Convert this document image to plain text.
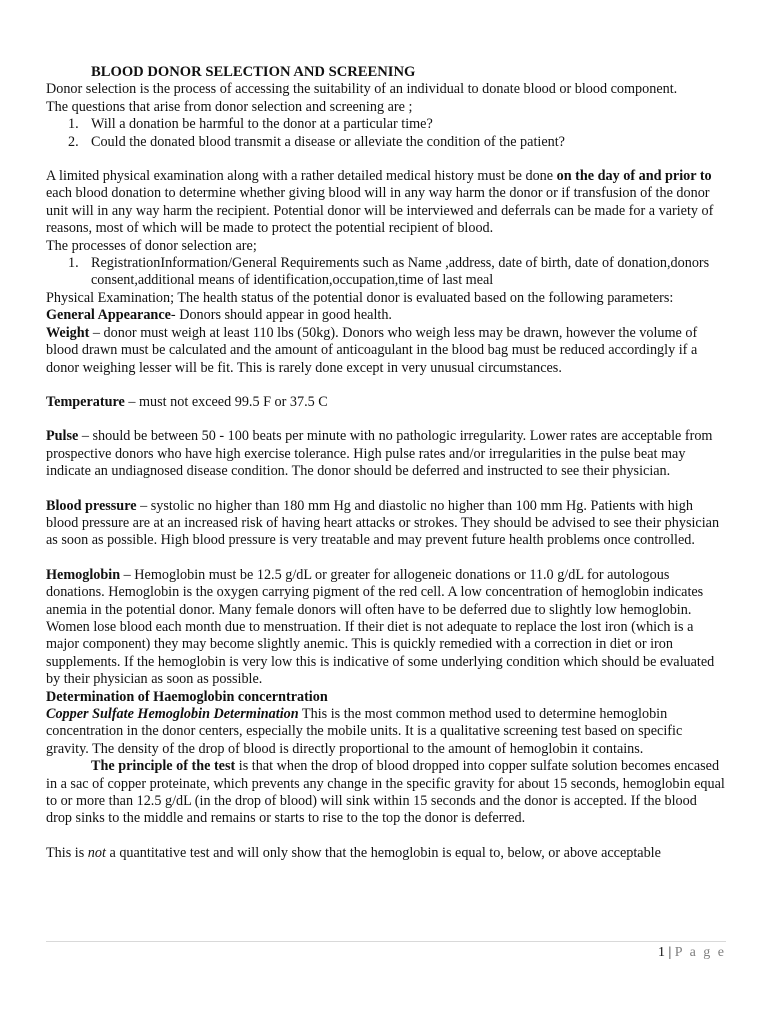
BLOOD DONOR SELECTION AND SCREENING

Donor selection is the process of accessing the suitability of an individual to donate blood or blood component.

The questions that arise from donor selection and screening are ;

1. Will a donation be harmful to the donor at a particular time?
2. Could the donated blood transmit a disease or alleviate the condition of the patient?

A limited physical examination along with a rather detailed medical history must be done on the day of and prior to each blood donation to determine whether giving blood will in any way harm the donor or if transfusion of the donor unit will in any way harm the recipient. Potential donor will be interviewed and deferrals can be made for a variety of reasons, most of which will be made to protect the potential recipient of blood.

The processes of donor selection are;

1. RegistrationInformation/General Requirements such as Name ,address, date of birth, date of donation,donors consent,additional means of identification,occupation,time of last meal

Physical Examination; The health status of the potential donor is evaluated based on the following parameters:

General Appearance- Donors should appear in good health.

Weight – donor must weigh at least 110 lbs (50kg). Donors who weigh less may be drawn, however the volume of blood drawn must be calculated and the amount of anticoagulant in the blood bag must be reduced accordingly if a donor weighing lesser will be fit. This is rarely done except in very unusual circumstances.

Temperature – must not exceed 99.5 F or 37.5 C

Pulse – should be between 50 - 100 beats per minute with no pathologic irregularity. Lower rates are acceptable from prospective donors who have high exercise tolerance. High pulse rates and/or irregularities in the pulse beat may indicate an undiagnosed disease condition. The donor should be deferred and instructed to see their physician.

Blood pressure – systolic no higher than 180 mm Hg and diastolic no higher than 100 mm Hg. Patients with high blood pressure are at an increased risk of having heart attacks or strokes. They should be advised to see their physician as soon as possible. High blood pressure is very treatable and may prevent future health problems once controlled.

Hemoglobin – Hemoglobin must be 12.5 g/dL or greater for allogeneic donations or 11.0 g/dL for autologous donations. Hemoglobin is the oxygen carrying pigment of the red cell. A low concentration of hemoglobin indicates anemia in the potential donor. Many female donors will often have to be deferred due to slightly low hemoglobin. Women lose blood each month due to menstruation. If their diet is not adequate to replace the lost iron (which is a major component) they may become slightly anemic. This is quickly remedied with a correction in diet or iron supplements. If the hemoglobin is very low this is indicative of some underlying condition which should be evaluated by their physician as soon as possible.

Determination of Haemoglobin concerntration

Copper Sulfate Hemoglobin Determination This is the most common method used to determine hemoglobin concentration in the donor centers, especially the mobile units. It is a qualitative screening test based on specific gravity. The density of the drop of blood is directly proportional to the amount of hemoglobin it contains.

The principle of the test is that when the drop of blood dropped into copper sulfate solution becomes encased in a sac of copper proteinate, which prevents any change in the specific gravity for about 15 seconds, hemoglobin equal to or more than 12.5 g/dL (in the drop of blood) will sink within 15 seconds and the donor is accepted. If the blood drop sinks to the middle and remains or starts to rise to the top the donor is deferred.

This is not a quantitative test and will only show that the hemoglobin is equal to, below, or above acceptable

1 | P a g e
